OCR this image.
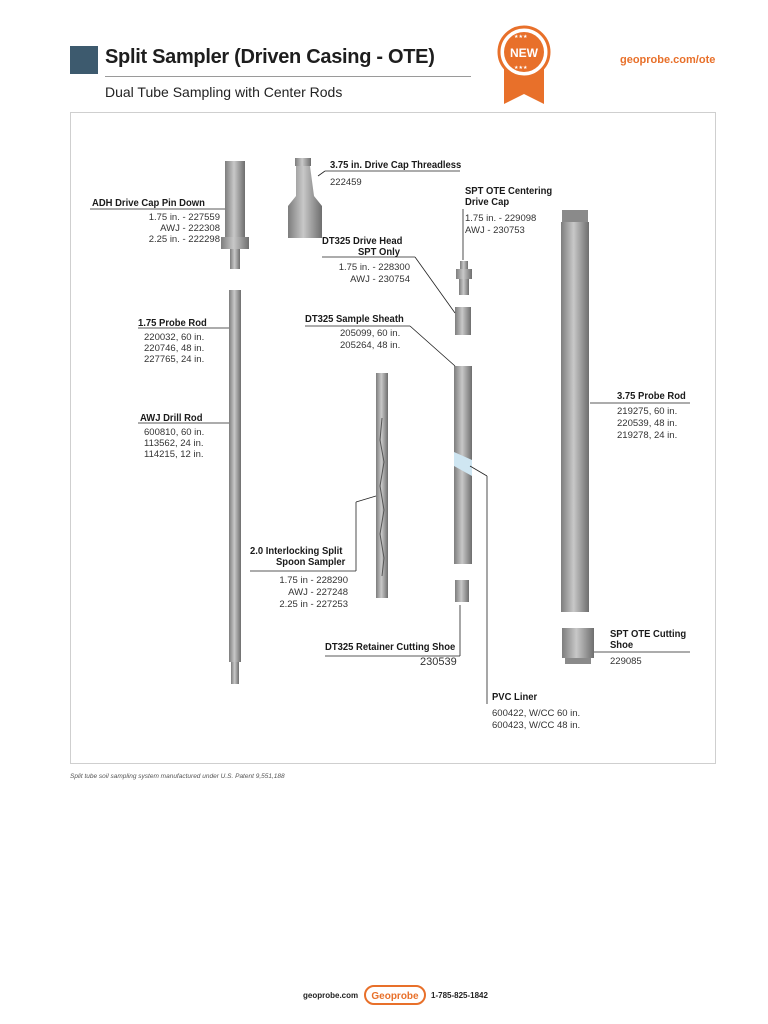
Split Sampler (Driven Casing - OTE)
Dual Tube Sampling with Center Rods
★★★
NEW
★★★
geoprobe.com/ote
ADH Drive Cap Pin Down
1.75 in. - 227559
AWJ - 222308
2.25 in. - 222298
1.75 Probe Rod
220032, 60 in.
220746, 48 in.
227765, 24 in.
AWJ Drill Rod
600810, 60 in.
113562, 24 in.
114215, 12 in.
3.75 in. Drive Cap Threadless
222459
SPT OTE Centering
Drive Cap
1.75 in. - 229098
AWJ - 230753
DT325 Drive Head
SPT Only
1.75 in. - 228300
AWJ - 230754
DT325 Sample Sheath
205099, 60 in.
205264, 48 in.
3.75 Probe Rod
219275, 60 in.
220539, 48 in.
219278, 24 in.
2.0 Interlocking Split
Spoon Sampler
1.75 in - 228290
AWJ - 227248
2.25 in - 227253
DT325 Retainer Cutting Shoe
230539
SPT OTE Cutting
Shoe
229085
PVC Liner
600422, W/CC 60 in.
600423, W/CC 48 in.
Split tube soil sampling system manufactured under U.S. Patent 9,551,188
geoprobe.com	Geoprobe	1-785-825-1842
